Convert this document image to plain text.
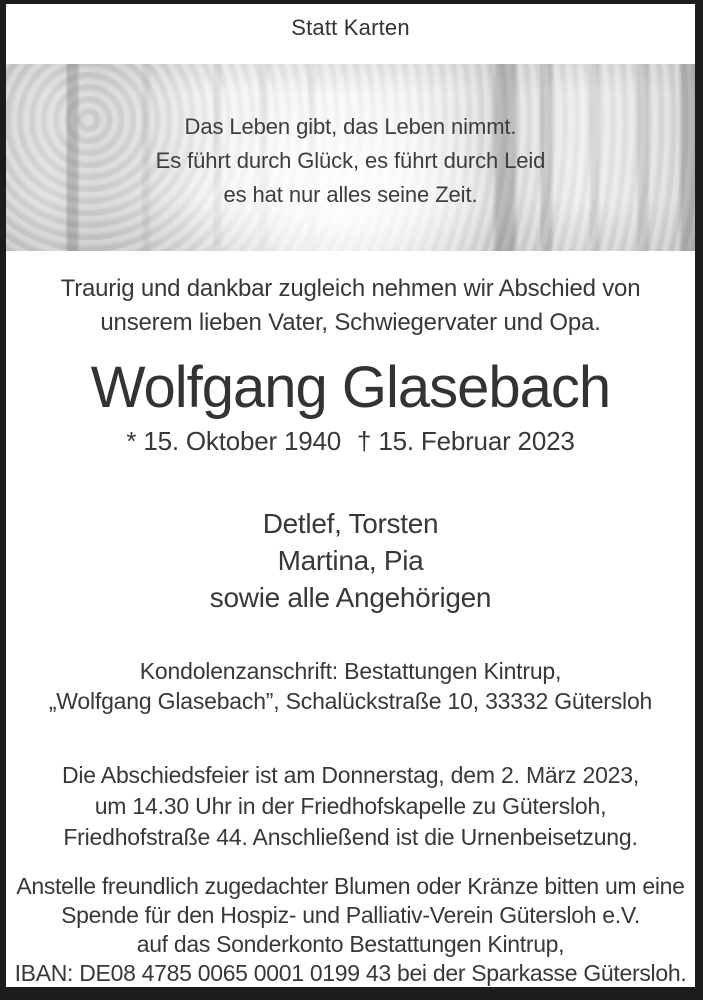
Statt Karten
Das Leben gibt, das Leben nimmt.
Es führt durch Glück, es führt durch Leid
es hat nur alles seine Zeit.
Traurig und dankbar zugleich nehmen wir Abschied von
unserem lieben Vater, Schwiegervater und Opa.
Wolfgang Glasebach
* 15. Oktober 1940 † 15. Februar 2023
Detlef, Torsten
Martina, Pia
sowie alle Angehörigen
Kondolenzanschrift: Bestattungen Kintrup,
„Wolfgang Glasebach”, Schalückstraße 10, 33332 Gütersloh
Die Abschiedsfeier ist am Donnerstag, dem 2. März 2023,
um 14.30 Uhr in der Friedhofskapelle zu Gütersloh,
Friedhofstraße 44. Anschließend ist die Urnenbeisetzung.
Anstelle freundlich zugedachter Blumen oder Kränze bitten um eine
Spende für den Hospiz- und Palliativ-Verein Gütersloh e.V.
auf das Sonderkonto Bestattungen Kintrup,
IBAN: DE08 4785 0065 0001 0199 43 bei der Sparkasse Gütersloh.
